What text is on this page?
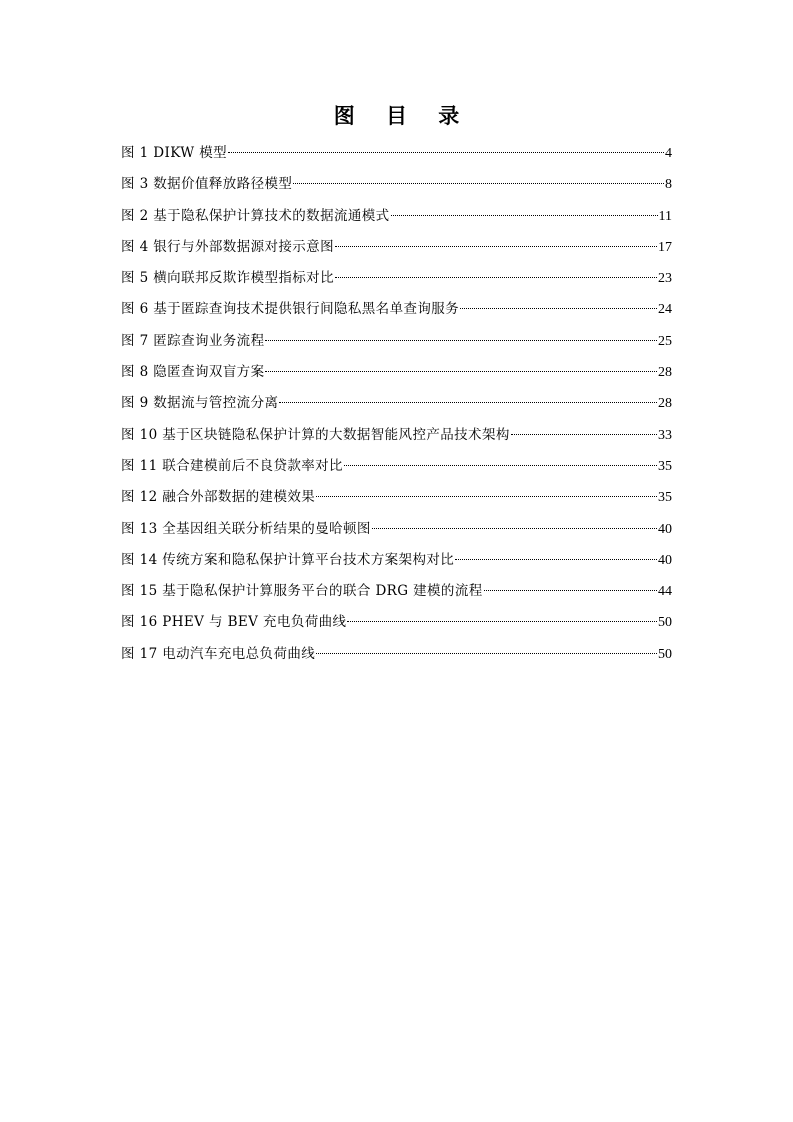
图 目 录
图 1 DIKW 模型	4
图 3 数据价值释放路径模型	8
图 2 基于隐私保护计算技术的数据流通模式	11
图 4 银行与外部数据源对接示意图	17
图 5 横向联邦反欺诈模型指标对比	23
图 6 基于匿踪查询技术提供银行间隐私黑名单查询服务	24
图 7 匿踪查询业务流程	25
图 8 隐匿查询双盲方案	28
图 9 数据流与管控流分离	28
图 10 基于区块链隐私保护计算的大数据智能风控产品技术架构	33
图 11 联合建模前后不良贷款率对比	35
图 12 融合外部数据的建模效果	35
图 13 全基因组关联分析结果的曼哈顿图	40
图 14 传统方案和隐私保护计算平台技术方案架构对比	40
图 15 基于隐私保护计算服务平台的联合 DRG 建模的流程	44
图 16 PHEV 与 BEV 充电负荷曲线	50
图 17 电动汽车充电总负荷曲线	50
